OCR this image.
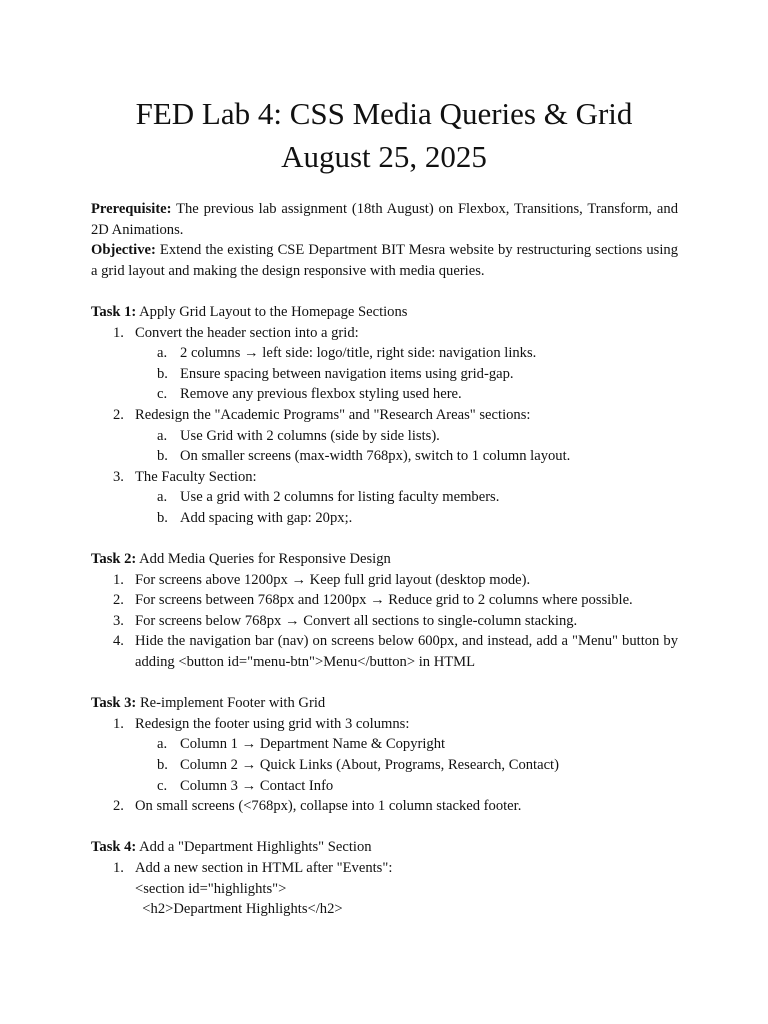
FED Lab 4: CSS Media Queries & Grid
August 25, 2025

Prerequisite: The previous lab assignment (18th August) on Flexbox, Transitions, Transform, and 2D Animations.

Objective: Extend the existing CSE Department BIT Mesra website by restructuring sections using a grid layout and making the design responsive with media queries.

Task 1: Apply Grid Layout to the Homepage Sections

1. Convert the header section into a grid:

a. 2 columns → left side: logo/title, right side: navigation links.

b. Ensure spacing between navigation items using grid-gap.

c. Remove any previous flexbox styling used here.

2. Redesign the "Academic Programs" and "Research Areas" sections:

a. Use Grid with 2 columns (side by side lists).

b. On smaller screens (max-width 768px), switch to 1 column layout.

3. The Faculty Section:

a. Use a grid with 2 columns for listing faculty members.

b. Add spacing with gap: 20px;.

Task 2: Add Media Queries for Responsive Design

1. For screens above 1200px → Keep full grid layout (desktop mode).

2. For screens between 768px and 1200px → Reduce grid to 2 columns where possible.

3. For screens below 768px → Convert all sections to single-column stacking.

4. Hide the navigation bar (nav) on screens below 600px, and instead, add a "Menu" button by adding <button id="menu-btn">Menu</button> in HTML

Task 3: Re-implement Footer with Grid

1. Redesign the footer using grid with 3 columns:

a. Column 1 → Department Name & Copyright

b. Column 2 → Quick Links (About, Programs, Research, Contact)

c. Column 3 → Contact Info

2. On small screens (<768px), collapse into 1 column stacked footer.

Task 4: Add a "Department Highlights" Section

1. Add a new section in HTML after "Events":

<section id="highlights">

<h2>Department Highlights</h2>
